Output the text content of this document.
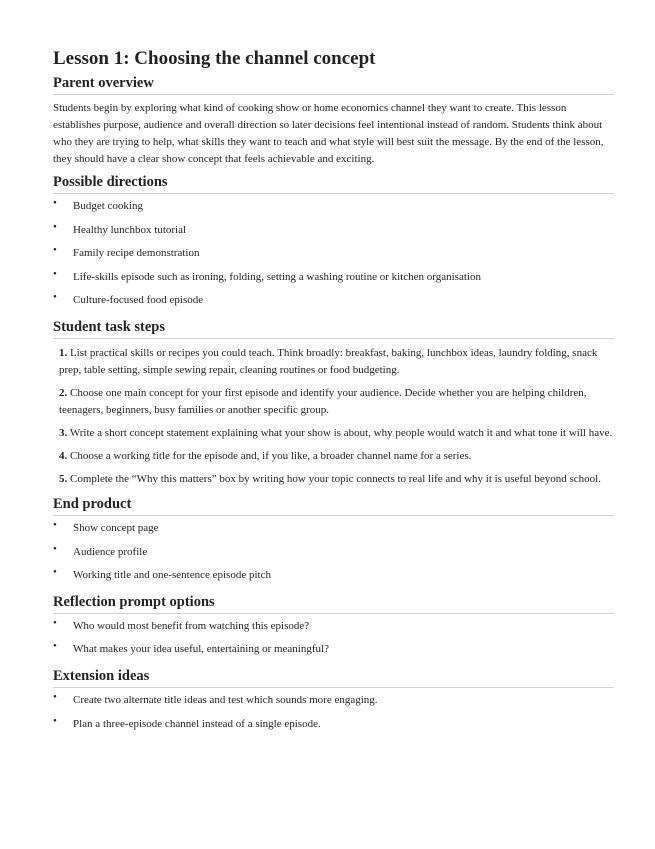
Lesson 1: Choosing the channel concept
Parent overview

Students begin by exploring what kind of cooking show or home economics channel they want to create. This lesson establishes purpose, audience and overall direction so later decisions feel intentional instead of random. Students think about who they are trying to help, what skills they want to teach and what style will best suit the message. By the end of the lesson, they should have a clear show concept that feels achievable and exciting.

Possible directions
• Budget cooking
• Healthy lunchbox tutorial
• Family recipe demonstration
• Life-skills episode such as ironing, folding, setting a washing routine or kitchen organisation
• Culture-focused food episode
Student task steps
1. List practical skills or recipes you could teach. Think broadly: breakfast, baking, lunchbox ideas, laundry folding, snack prep, table setting, simple sewing repair, cleaning routines or food budgeting.
2. Choose one main concept for your first episode and identify your audience. Decide whether you are helping children, teenagers, beginners, busy families or another specific group.
3. Write a short concept statement explaining what your show is about, why people would watch it and what tone it will have.
4. Choose a working title for the episode and, if you like, a broader channel name for a series.
5. Complete the “Why this matters” box by writing how your topic connects to real life and why it is useful beyond school.
End product
• Show concept page
• Audience profile
• Working title and one-sentence episode pitch
Reflection prompt options
• Who would most benefit from watching this episode?
• What makes your idea useful, entertaining or meaningful?
Extension ideas
• Create two alternate title ideas and test which sounds more engaging.
• Plan a three-episode channel instead of a single episode.
